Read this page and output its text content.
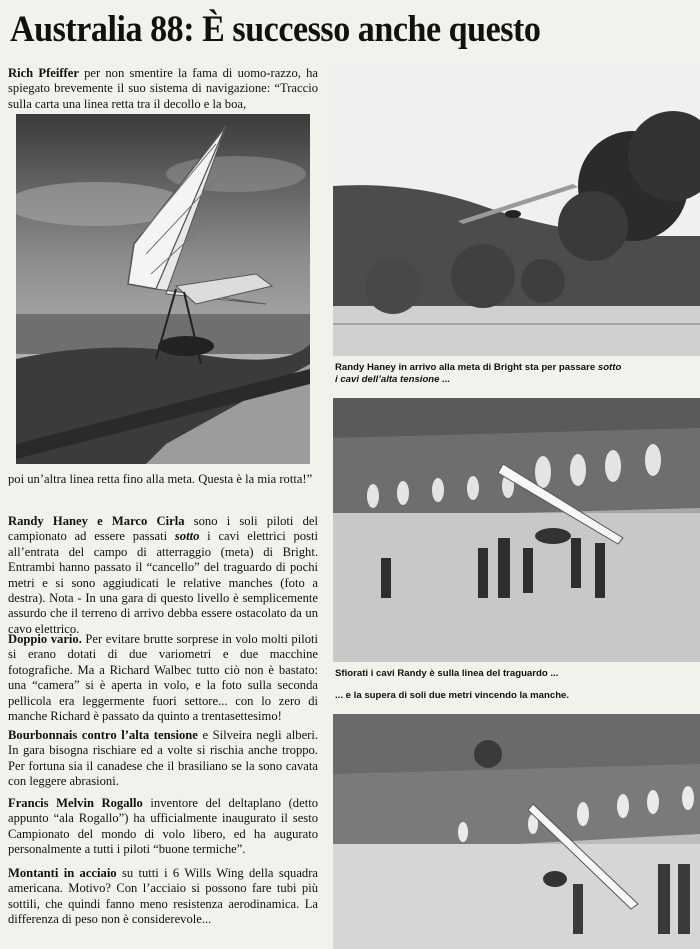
Australia 88: È successo anche questo
Rich Pfeiffer per non smentire la fama di uomo-razzo, ha spiegato brevemente il suo sistema di navigazione: “Traccio sulla carta una linea retta tra il decollo e la boa,
poi un’altra linea retta fino alla meta. Questa è la mia rotta!”
Randy Haney e Marco Cirla sono i soli piloti del campionato ad essere passati sotto i cavi elettrici posti all’entrata del campo di atterraggio (meta) di Bright. Entrambi hanno passato il “cancello” del traguardo di pochi metri e si sono aggiudicati le relative manches (foto a destra). Nota - In una gara di questo livello è semplicemente assurdo che il terreno di arrivo debba essere ostacolato da un cavo elettrico.
Doppio vario. Per evitare brutte sorprese in volo molti piloti si erano dotati di due variometri e due macchine fotografiche. Ma a Richard Walbec tutto ciò non è bastato: una “camera” si è aperta in volo, e la foto sulla seconda pellicola era leggermente fuori settore... con lo zero di manche Richard è passato da quinto a trentasettesimo!
Bourbonnais contro l’alta tensione e Silveira negli alberi. In gara bisogna rischiare ed a volte si rischia anche troppo. Per fortuna sia il canadese che il brasiliano se la sono cavata con leggere abrasioni.
Francis Melvin Rogallo inventore del deltaplano (detto appunto “ala Rogallo”) ha ufficialmente inaugurato il sesto Campionato del mondo di volo libero, ed ha augurato personalmente a tutti i piloti “buone termiche”.
Montanti in acciaio su tutti i 6 Wills Wing della squadra americana. Motivo? Con l’acciaio si possono fare tubi più sottili, che quindi fanno meno resistenza aerodinamica. La differenza di peso non è considerevole...
Randy Haney in arrivo alla meta di Bright sta per passare sotto
i cavi dell’alta tensione ...
Sfiorati i cavi Randy è sulla linea del traguardo ...
... e la supera di soli due metri vincendo la manche.
